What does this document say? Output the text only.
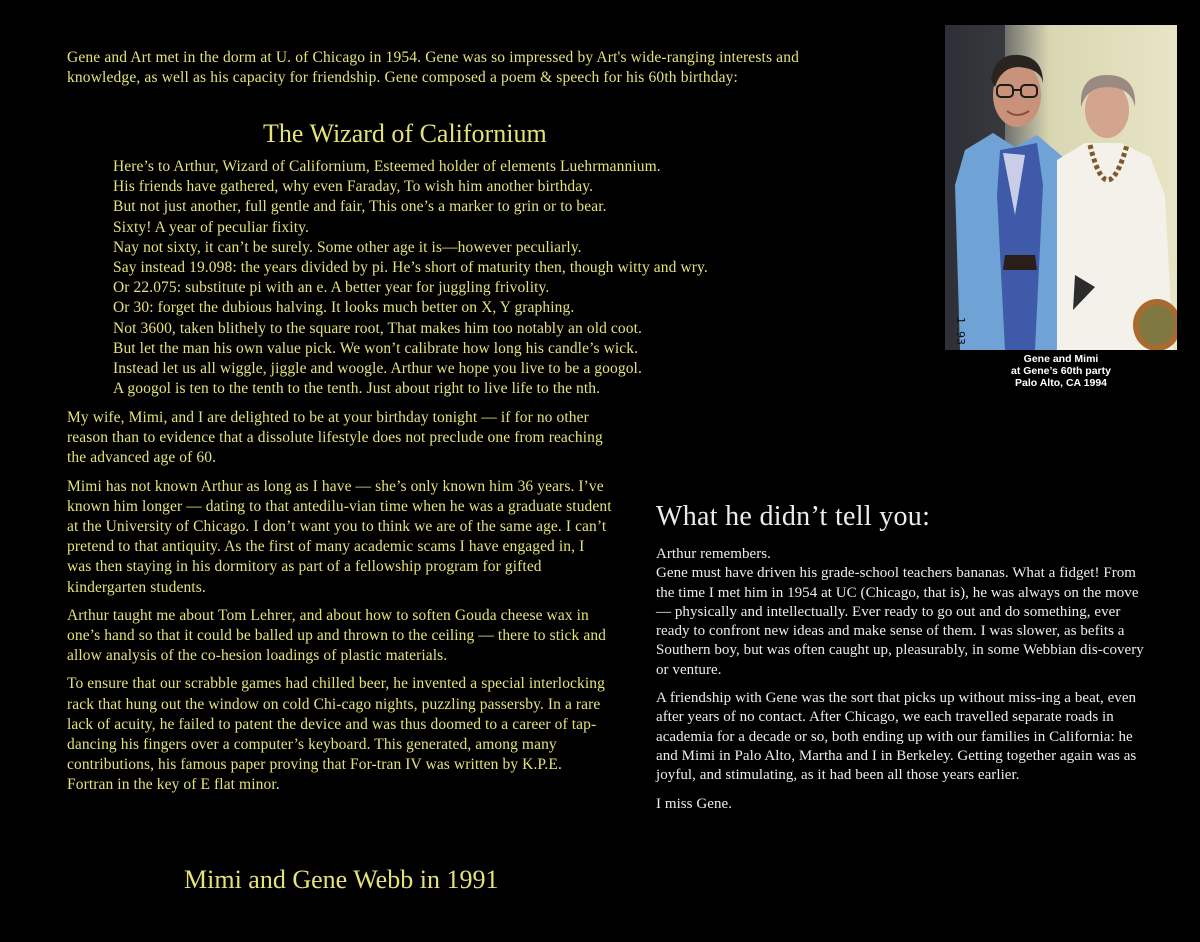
Gene and Art met in the dorm at U. of Chicago in 1954. Gene was so impressed by Art's wide-ranging interests and knowledge, as well as his capacity for friendship. Gene composed a poem & speech for his 60th birthday:

The Wizard of Californium
Here’s to Arthur, Wizard of Californium, Esteemed holder of elements Luehrmannium.
His friends have gathered, why even Faraday, To wish him another birthday.
But not just another, full gentle and fair, This one’s a marker to grin or to bear.
Sixty! A year of peculiar fixity.
Nay not sixty, it can’t be surely. Some other age it is—however peculiarly.
Say instead 19.098: the years divided by pi. He’s short of maturity then, though witty and wry.
Or 22.075: substitute pi with an e. A better year for juggling frivolity.
Or 30: forget the dubious halving. It looks much better on X, Y graphing.
Not 3600, taken blithely to the square root, That makes him too notably an old coot.
But let the man his own value pick. We won’t calibrate how long his candle’s wick.
Instead let us all wiggle, jiggle and woogle. Arthur we hope you live to be a googol.
A googol is ten to the tenth to the tenth. Just about right to live life to the nth.

My wife, Mimi, and I are delighted to be at your birthday tonight — if for no other reason than to evidence that a dissolute lifestyle does not preclude one from reaching the advanced age of 60.

Mimi has not known Arthur as long as I have — she’s only known him 36 years. I’ve known him longer — dating to that antedilu-vian time when he was a graduate student at the University of Chicago. I don’t want you to think we are of the same age. I can’t pretend to that antiquity. As the first of many academic scams I have engaged in, I was then staying in his dormitory as part of a fellowship program for gifted kindergarten students.

Arthur taught me about Tom Lehrer, and about how to soften Gouda cheese wax in one’s hand so that it could be balled up and thrown to the ceiling — there to stick and allow analysis of the co-hesion loadings of plastic materials.

To ensure that our scrabble games had chilled beer, he invented a special interlocking rack that hung out the window on cold Chi-cago nights, puzzling passersby. In a rare lack of acuity, he failed to patent the device and was thus doomed to a career of tap-dancing his fingers over a computer’s keyboard. This generated, among many contributions, his famous paper proving that For-tran IV was written by K.P.E. Fortran in the key of E flat minor.

Mimi and Gene Webb in 1991

1 .93
Gene and Mimi
at Gene’s 60th party
Palo Alto, CA 1994
What he didn’t tell you:

Arthur remembers.
Gene must have driven his grade-school teachers bananas. What a fidget! From the time I met him in 1954 at UC (Chicago, that is), he was always on the move — physically and intellectually. Ever ready to go out and do something, ever ready to confront new ideas and make sense of them. I was slower, as befits a Southern boy, but was often caught up, pleasurably, in some Webbian dis-covery or venture.

A friendship with Gene was the sort that picks up without miss-ing a beat, even after years of no contact. After Chicago, we each travelled separate roads in academia for a decade or so, both ending up with our families in California: he and Mimi in Palo Alto, Martha and I in Berkeley. Getting together again was as joyful, and stimulating, as it had been all those years earlier.

I miss Gene.
